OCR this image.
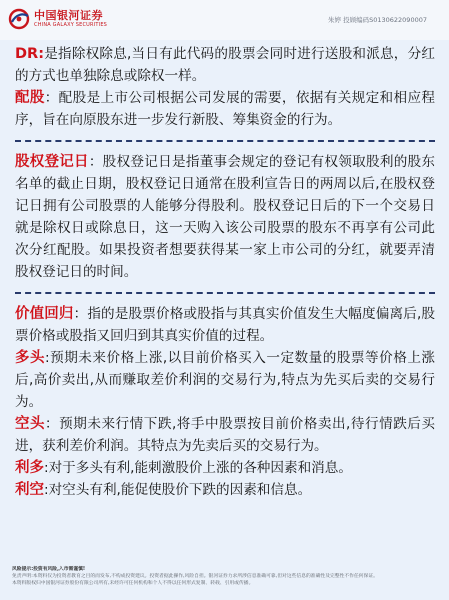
中国银河证券
CHINA GALAXY SECURITIES
朱婷 投顾编码S0130622090007

DR:是指除权除息,当日有此代码的股票会同时进行送股和派息，分红的方式也单独除息或除权一样。

配股：配股是上市公司根据公司发展的需要，依据有关规定和相应程序，旨在向原股东进一步发行新股、筹集资金的行为。

股权登记日：股权登记日是指董事会规定的登记有权领取股利的股东名单的截止日期，股权登记日通常在股利宣告日的两周以后,在股权登记日拥有公司股票的人能够分得股利。股权登记日后的下一个交易日就是除权日或除息日，这一天购入该公司股票的股东不再享有公司此次分红配股。如果投资者想要获得某一家上市公司的分红，就要弄清股权登记日的时间。

价值回归：指的是股票价格或股指与其真实价值发生大幅度偏离后,股票价格或股指又回归到其真实价值的过程。

多头:预期未来价格上涨,以目前价格买入一定数量的股票等价格上涨后,高价卖出,从而赚取差价利润的交易行为,特点为先买后卖的交易行为。

空头：预期未来行情下跌,将手中股票按目前价格卖出,待行情跌后买进，获利差价利润。其特点为先卖后买的交易行为。

利多:对于多头有利,能刺激股价上涨的各种因素和消息。

利空:对空头有利,能促使股价下跌的因素和信息。

风险提示:投资有风险,入市需谨慎!
免责声明:本资料仅为投资者教育之目的而发布,不构成投资建议。投资者据此操作,风险自担。银河证券力求所涉信息准确可靠,但对这些信息的准确性及完整性不作任何保证。
本资料版权归中国银河证券股份有限公司所有,未经许可任何机构和个人不得以任何形式复制、转载、引用或传播。
